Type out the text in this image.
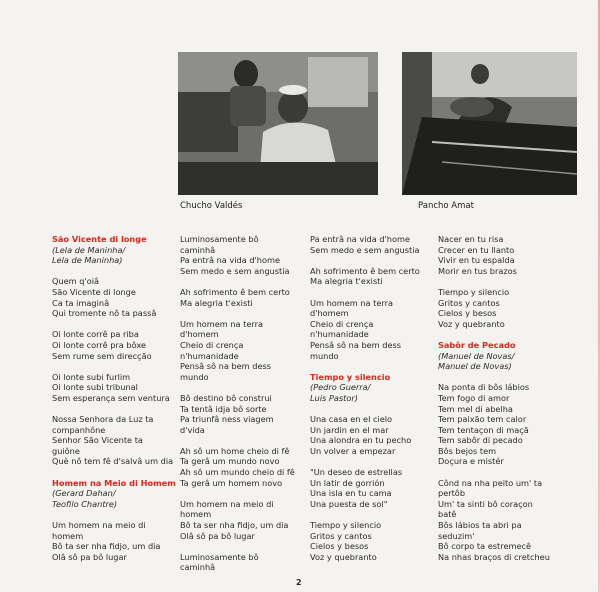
Chucho Valdés	Pancho Amat
São Vicente di longe
(Lela de Maninha/
Lela de Maninha)
Quem q'oiâ
São Vicente di longe
Ca ta imaginâ
Qui tromente nô ta passâ
Oi lonte corrê pa riba
Oi lonte corrê pra bôxe
Sem rume sem direcção
Oi lonte subi furlim
Oi lonte subi tribunal
Sem esperança sem ventura
Nossa Senhora da Luz ta
companhône
Senhor São Vicente ta
guiône
Què nô tem fê d'salvâ um dia
Homem na Meio di Homem
(Gerard Dahan/
Teofilo Chantre)
Um homem na meio di
homem
Bô ta ser nha fidjo, um dia
Olâ sô pa bô lugar
Luminosamente bô
caminhâ
Pa entrâ na vida d'home
Sem medo e sem angustia
Ah sofrimento ê bem certo
Ma alegria t'existi
Um homem na terra
d'homem
Cheio di crença
n'humanidade
Pensâ sô na bem dess
mundo
Bô destino bô construi
Ta tentâ idja bô sorte
Pa triunfâ ness viagem
d'vida
Ah sô um home cheio di fê
Ta gerâ um mundo novo
Ah sô um mundo cheio di fê
Ta gerâ um homem novo
Um homem na meio di
homem
Bô ta ser nha fidjo, um dia
Olâ sô pa bô lugar
Luminosamente bô
caminhâ
Pa entrâ na vida d'home
Sem medo e sem angustia
Ah sofrimento ê bem certo
Ma alegria t'existi
Um homem na terra
d'homem
Cheio di crença
n'humanidade
Pensâ sô na bem dess
mundo
Tiempo y silencio
(Pedro Guerra/
Luis Pastor)
Una casa en el cielo
Un jardin en el mar
Una alondra en tu pecho
Un volver a empezar
"Un deseo de estrellas
Un latir de gorrión
Una isla en tu cama
Una puesta de sol"
Tiempo y silencio
Gritos y cantos
Cielos y besos
Voz y quebranto
Nacer en tu risa
Crecer en tu llanto
Vivir en tu espalda
Morir en tus brazos
Tiempo y silencio
Gritos y cantos
Cielos y besos
Voz y quebranto
Sabôr de Pecado
(Manuel de Novas/
Manuel de Novas)
Na ponta di bôs lábios
Tem fogo di amor
Tem mel di abelha
Tem paixão tem calor
Tem tentaçon di maçã
Tem sabôr di pecado
Bôs bejos tem
Doçura e mistér
Cônd na nha peito um' ta
pertôb
Um' ta sinti bô coraçon
batê
Bôs lábios ta abri pa
seduzim'
Bô corpo ta estremecê
Na nhas braços di cretcheu
2
